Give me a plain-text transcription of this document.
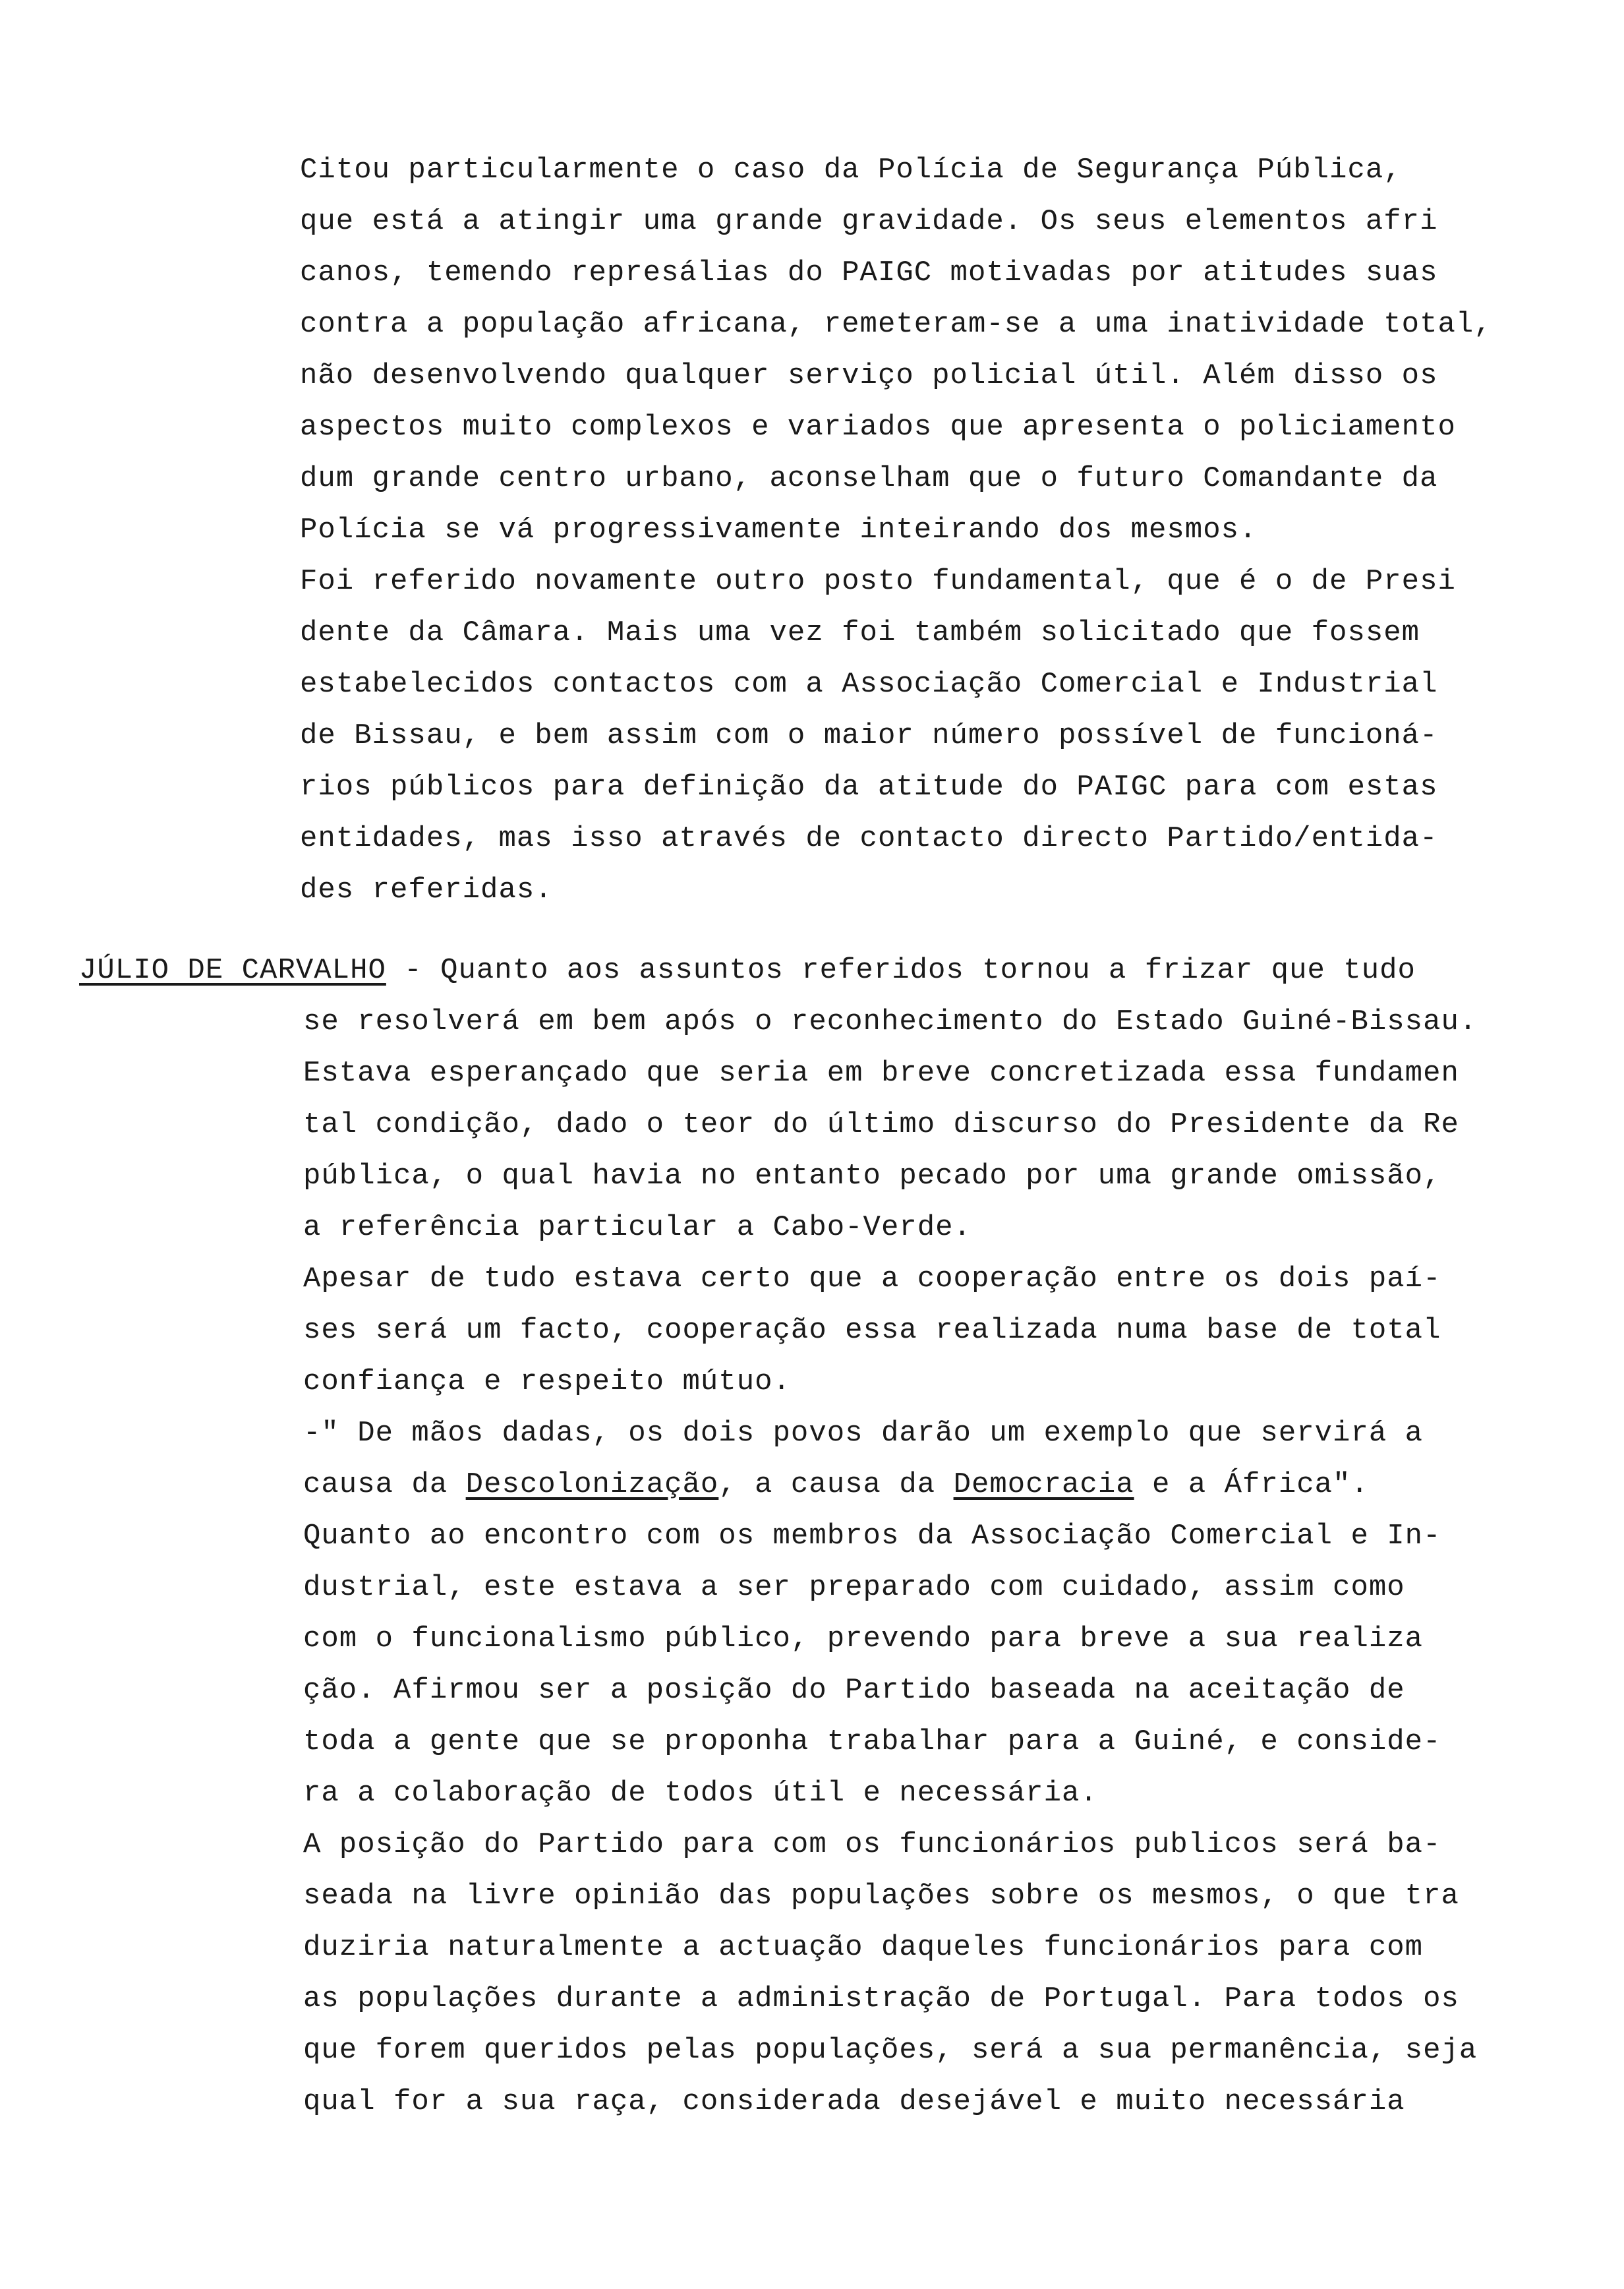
Citou particularmente o caso da Polícia de Segurança Pública,
que está a atingir uma grande gravidade. Os seus elementos afri
canos, temendo represálias do PAIGC motivadas por atitudes suas
contra a população africana, remeteram-se a uma inatividade total,
não desenvolvendo qualquer serviço policial útil. Além disso os
aspectos muito complexos e variados que apresenta o policiamento
dum grande centro urbano, aconselham que o futuro Comandante da
Polícia se vá progressivamente inteirando dos mesmos.
Foi referido novamente outro posto fundamental, que é o de Presi
dente da Câmara. Mais uma vez foi também solicitado que fossem
estabelecidos contactos com a Associação Comercial e Industrial
de Bissau, e bem assim com o maior número possível de funcioná-
rios públicos para definição da atitude do PAIGC para com estas
entidades, mas isso através de contacto directo Partido/entida-
des referidas.
JÚLIO DE CARVALHO - Quanto aos assuntos referidos tornou a frizar que tudo
se resolverá em bem após o reconhecimento do Estado Guiné-Bissau.
Estava esperançado que seria em breve concretizada essa fundamen
tal condição, dado o teor do último discurso do Presidente da Re
pública, o qual havia no entanto pecado por uma grande omissão,
a referência particular a Cabo-Verde.
Apesar de tudo estava certo que a cooperação entre os dois paí-
ses será um facto, cooperação essa realizada numa base de total
confiança e respeito mútuo.
-" De mãos dadas, os dois povos darão um exemplo que servirá a
causa da Descolonização, a causa da Democracia e a África".
Quanto ao encontro com os membros da Associação Comercial e In-
dustrial, este estava a ser preparado com cuidado, assim como
com o funcionalismo público, prevendo para breve a sua realiza
ção. Afirmou ser a posição do Partido baseada na aceitação de
toda a gente que se proponha trabalhar para a Guiné, e conside-
ra a colaboração de todos útil e necessária.
A posição do Partido para com os funcionários publicos será ba-
seada na livre opinião das populações sobre os mesmos, o que tra
duziria naturalmente a actuação daqueles funcionários para com
as populações durante a administração de Portugal. Para todos os
que forem queridos pelas populações, será a sua permanência, seja
qual for a sua raça, considerada desejável e muito necessária
